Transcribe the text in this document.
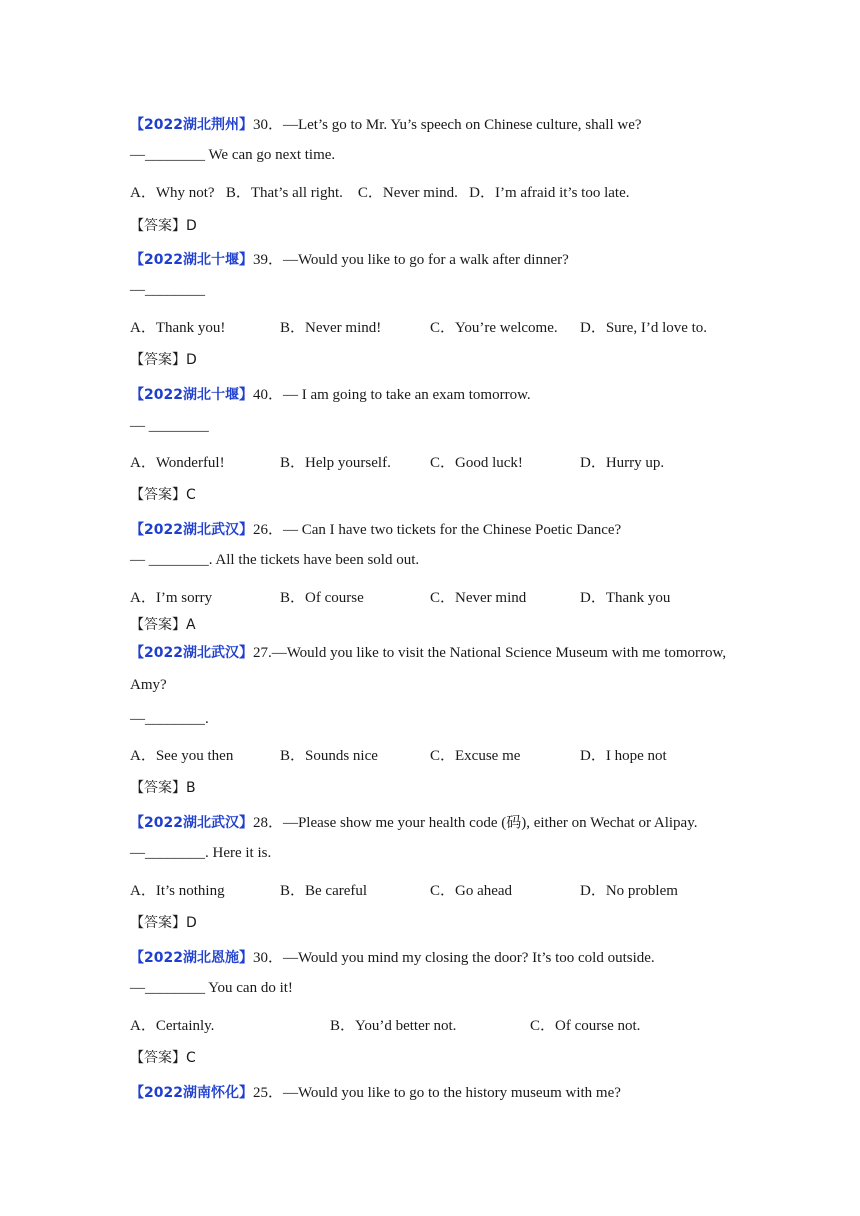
【2022湖北荆州】30．—Let’s go to Mr. Yu’s speech on Chinese culture, shall we?
—________ We can go next time.
A．Why not?   B．That’s all right.    C．Never mind.   D．I’m afraid it’s too late.
【答案】D
【2022湖北十堰】39．—Would you like to go for a walk after dinner?
—________
A．Thank you!	B．Never mind!	C．You’re welcome. D．Sure, I’d love to.
【答案】D
【2022湖北十堰】40．— I am going to take an exam tomorrow.
— ________
A．Wonderful!	B．Help yourself.	C．Good luck!	D．Hurry up.
【答案】C
【2022湖北武汉】26．— Can I have two tickets for the Chinese Poetic Dance?
— ________. All the tickets have been sold out.
A．I’m sorry	B．Of course	C．Never mind	D．Thank you
【答案】A
【2022湖北武汉】27.—Would you like to visit the National Science Museum with me tomorrow,
Amy?
—________.
A．See you then	B．Sounds nice	C．Excuse me	D．I hope not
【答案】B
【2022湖北武汉】28．—Please show me your health code (码), either on Wechat or Alipay.
—________. Here it is.
A．It’s nothing	B．Be careful	C．Go ahead	D．No problem
【答案】D
【2022湖北恩施】30．—Would you mind my closing the door? It’s too cold outside.
—________ You can do it!
A．Certainly.	B．You’d better not.	C．Of course not.
【答案】C
【2022湖南怀化】25．—Would you like to go to the history museum with me?
